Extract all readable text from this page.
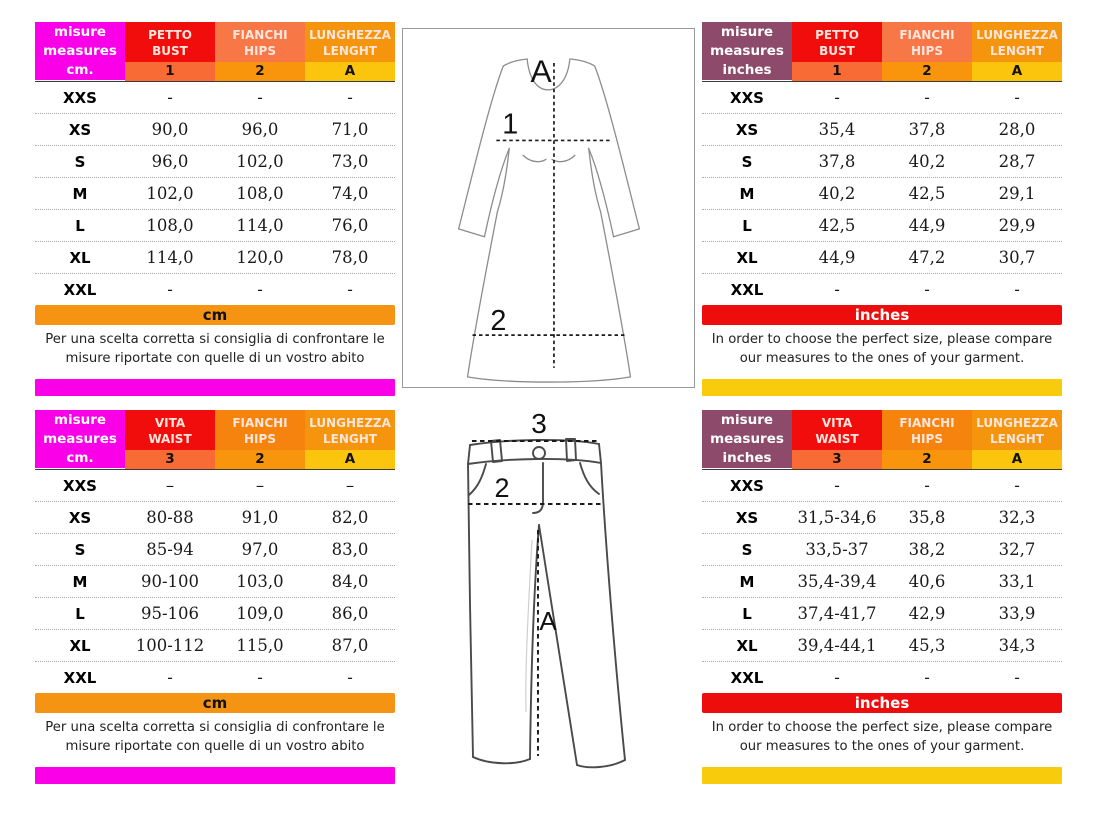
misure
measures
cm.
PETTO
BUST
1
FIANCHI
HIPS
2
LUNGHEZZA
LENGHT
A
XXS	-	-	-
XS	90,0	96,0	71,0
S	96,0	102,0	73,0
M	102,0	108,0	74,0
L	108,0	114,0	76,0
XL	114,0	120,0	78,0
XXL	-	-	-
cm
Per una scelta corretta si consiglia di confrontare le misure riportate con quelle di un vostro abito
misure
measures
inches
PETTO
BUST
1
FIANCHI
HIPS
2
LUNGHEZZA
LENGHT
A
XXS	-	-	-
XS	35,4	37,8	28,0
S	37,8	40,2	28,7
M	40,2	42,5	29,1
L	42,5	44,9	29,9
XL	44,9	47,2	30,7
XXL	-	-	-
inches
In order to choose the perfect size, please compare our measures to the ones of your garment.
misure
measures
cm.
VITA
WAIST
3
FIANCHI
HIPS
2
LUNGHEZZA
LENGHT
A
XXS	–	–	–
XS	80-88	91,0	82,0
S	85-94	97,0	83,0
M	90-100	103,0	84,0
L	95-106	109,0	86,0
XL	100-112	115,0	87,0
XXL	-	-	-
cm
Per una scelta corretta si consiglia di confrontare le misure riportate con quelle di un vostro abito
misure
measures
inches
VITA
WAIST
3
FIANCHI
HIPS
2
LUNGHEZZA
LENGHT
A
XXS	-	-	-
XS	31,5-34,6	35,8	32,3
S	33,5-37	38,2	32,7
M	35,4-39,4	40,6	33,1
L	37,4-41,7	42,9	33,9
XL	39,4-44,1	45,3	34,3
XXL	-	-	-
inches
In order to choose the perfect size, please compare our measures to the ones of your garment.
A
1
2
3
2
A
